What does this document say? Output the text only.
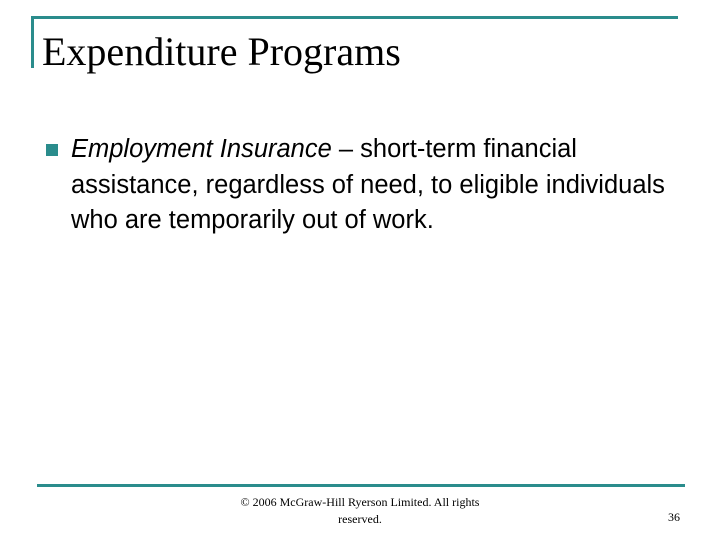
Expenditure Programs
Employment Insurance – short-term financial assistance, regardless of need, to eligible individuals who are temporarily out of work.
© 2006 McGraw-Hill Ryerson Limited. All rights reserved.	36
